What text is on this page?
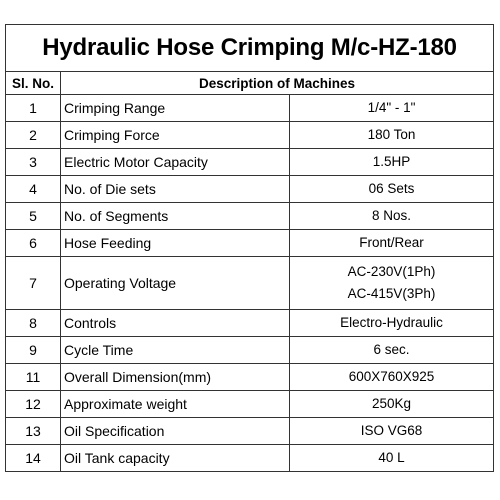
Hydraulic Hose Crimping M/c-HZ-180		
Sl. No.	Description of Machines	
1	Crimping Range	1/4" - 1"

2	Crimping Force	180 Ton

3	Electric Motor Capacity	1.5HP

4	No. of Die sets	06 Sets

5	No. of Segments	8 Nos.

6	Hose Feeding	Front/Rear

7	Operating Voltage	AC-230V(1Ph)
AC-415V(3Ph)

8	Controls	Electro-Hydraulic

9	Cycle Time	6 sec.

11	Overall Dimension(mm)	600X760X925

12	Approximate weight	250Kg

13	Oil Specification	ISO VG68

14	Oil Tank capacity	40 L
